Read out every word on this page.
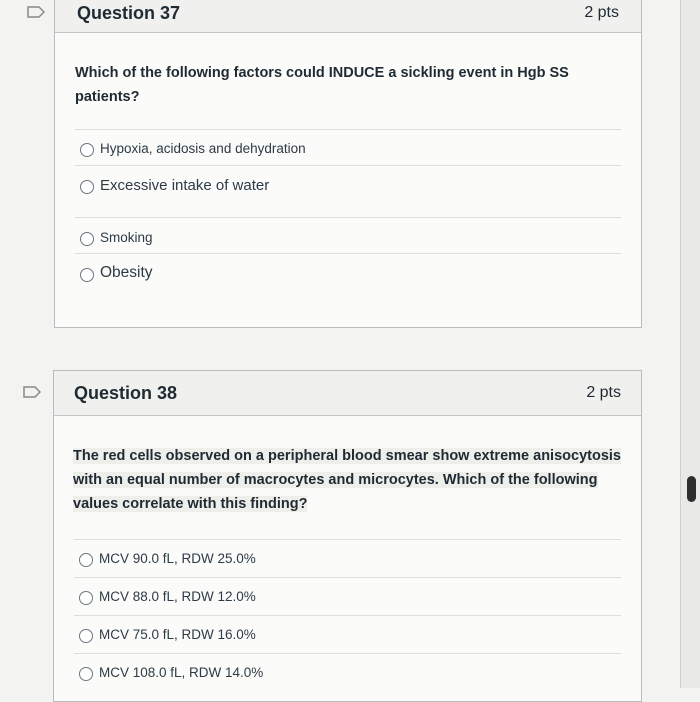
Question 37	2 pts
Which of the following factors could INDUCE a sickling event in Hgb SS
patients?
Hypoxia, acidosis and dehydration
Excessive intake of water
Smoking
Obesity
Question 38	2 pts
The red cells observed on a peripheral blood smear show extreme anisocytosis
with an equal number of macrocytes and microcytes. Which of the following
values correlate with this finding?
MCV 90.0 fL, RDW 25.0%
MCV 88.0 fL, RDW 12.0%
MCV 75.0 fL, RDW 16.0%
MCV 108.0 fL, RDW 14.0%
